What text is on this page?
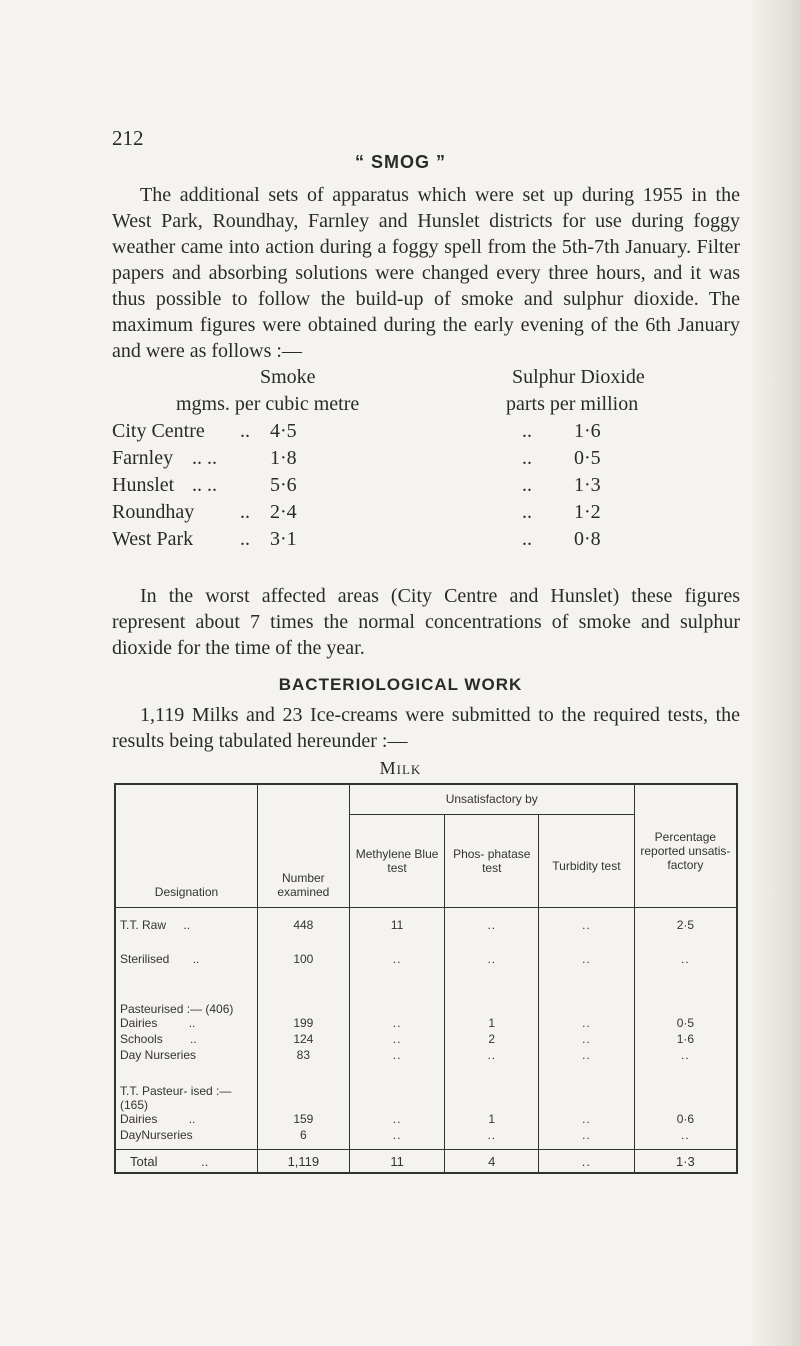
212
“ SMOG ”

The additional sets of apparatus which were set up during 1955 in the West Park, Roundhay, Farnley and Hunslet districts for use during foggy weather came into action during a foggy spell from the 5th-7th January. Filter papers and absorbing solutions were changed every three hours, and it was thus possible to follow the build-up of smoke and sulphur dioxide. The maximum figures were obtained during the early evening of the 6th January and were as follows :—

Smoke	Sulphur Dioxide
mgms. per cubic metre	parts per million
City Centre .. 4·5	.. 1·6
Farnley .. ..	1·8	.. 0·5
Hunslet .. ..	5·6	.. 1·3
Roundhay .. 2·4	.. 1·2
West Park .. 3·1	.. 0·8

In the worst affected areas (City Centre and Hunslet) these figures represent about 7 times the normal concentrations of smoke and sulphur dioxide for the time of the year.

BACTERIOLOGICAL WORK

1,119 Milks and 23 Ice-creams were submitted to the required tests, the results being tabulated hereunder :—

Milk
Designation	Number examined	Unsatisfactory by			Percentage reported unsatis- factory
		Methylene Blue test	Phos- phatase test	Turbidity test	

T.T. Raw ..	448	11	..	..	2·5
Sterilised ..	100	..	..	..	..
Pasteurised :— (406)					
Dairies ..	199	..	1	..	0·5
Schools ..	124	..	2	..	1·6
Day Nurseries	83	..	..	..	..
T.T. Pasteur- ised :—(165)					
Dairies ..	159	..	1	..	0·6
DayNurseries	6	..	..	..	..
Total ..	1,119	11	4	..	1·3
